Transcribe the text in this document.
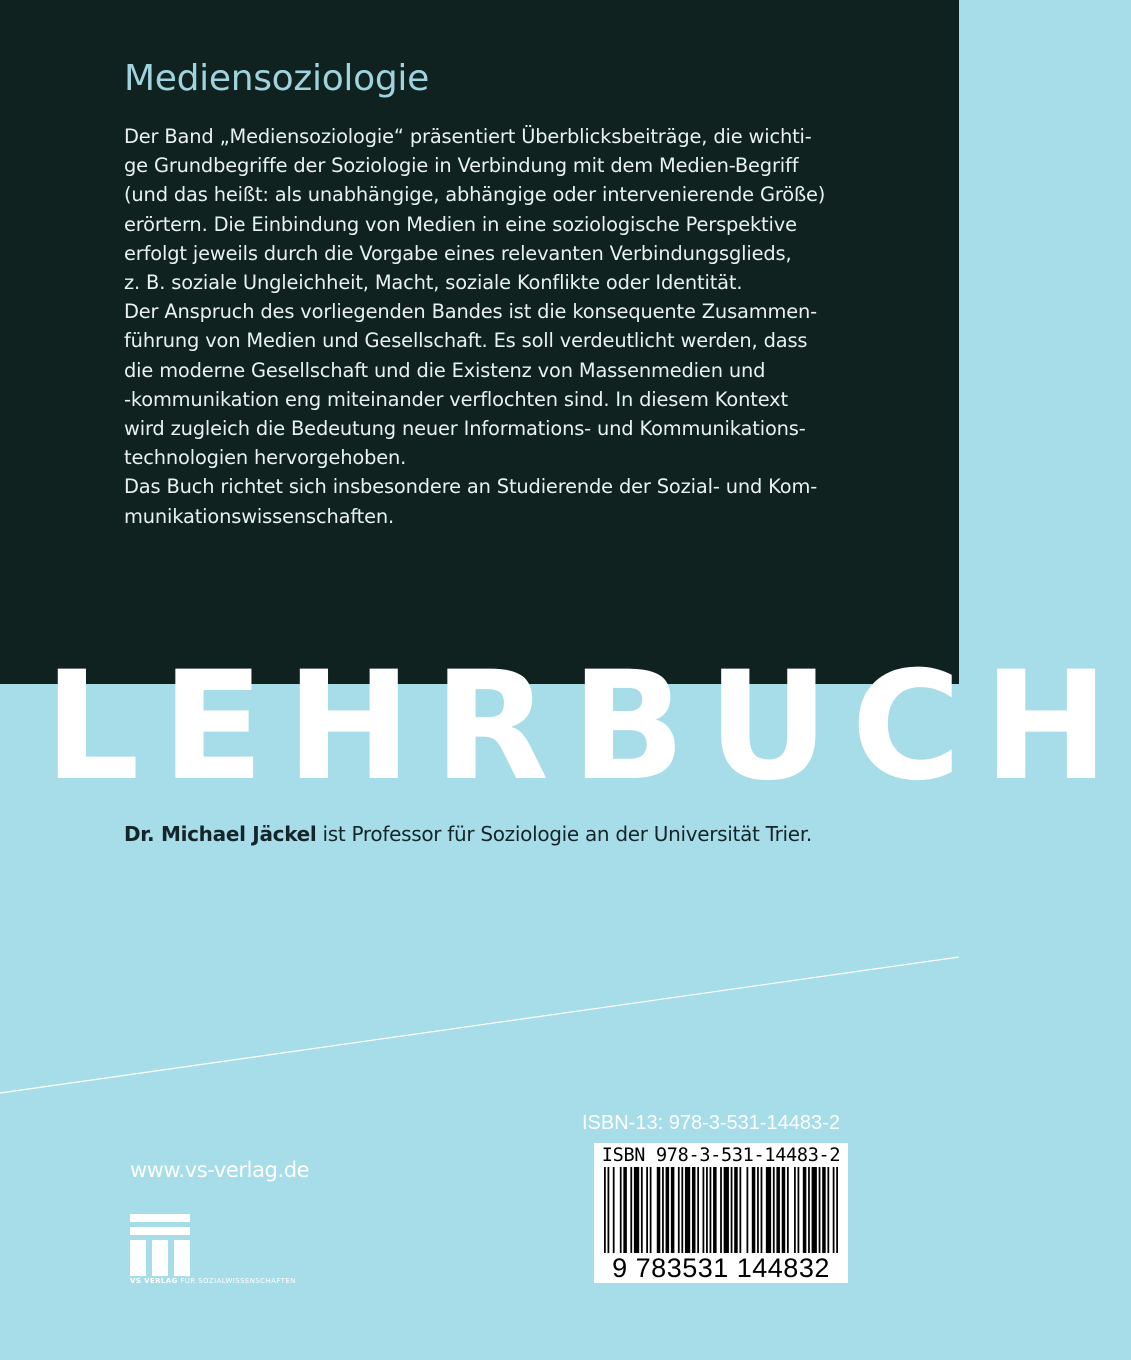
Mediensoziologie
Der Band „Mediensoziologie“ präsentiert Überblicksbeiträge, die wichti-
ge Grundbegriffe der Soziologie in Verbindung mit dem Medien-Begriff
(und das heißt: als unabhängige, abhängige oder intervenierende Größe)
erörtern. Die Einbindung von Medien in eine soziologische Perspektive
erfolgt jeweils durch die Vorgabe eines relevanten Verbindungsglieds,
z. B. soziale Ungleichheit, Macht, soziale Konflikte oder Identität.
Der Anspruch des vorliegenden Bandes ist die konsequente Zusammen-
führung von Medien und Gesellschaft. Es soll verdeutlicht werden, dass
die moderne Gesellschaft und die Existenz von Massenmedien und
-kommunikation eng miteinander verflochten sind. In diesem Kontext
wird zugleich die Bedeutung neuer Informations- und Kommunikations-
technologien hervorgehoben.
Das Buch richtet sich insbesondere an Studierende der Sozial- und Kom-
munikationswissenschaften.
LEHRBUCH
Dr. Michael Jäckel ist Professor für Soziologie an der Universität Trier.
ISBN-13: 978-3-531-14483-2
www.vs-verlag.de
VS VERLAG FÜR SOZIALWISSENSCHAFTEN
ISBN 978-3-531-14483-2
9 783531 144832
